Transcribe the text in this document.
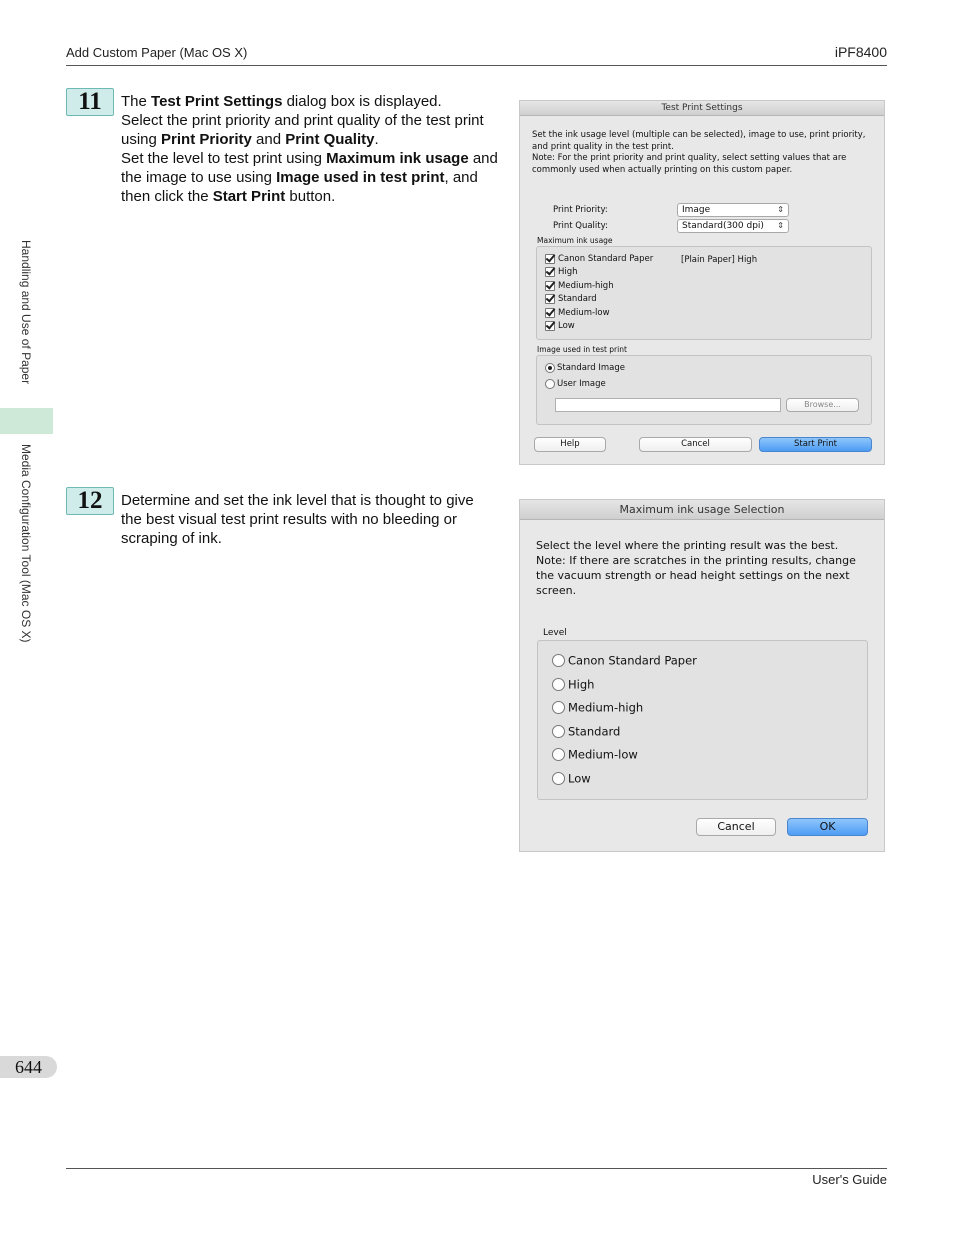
Add Custom Paper (Mac OS X)	iPF8400
Handling and Use of Paper
Media Configuration Tool (Mac OS X)
11	The Test Print Settings dialog box is displayed.
Select the print priority and print quality of the test print using Print Priority and Print Quality.
Set the level to test print using Maximum ink usage and the image to use using Image used in test print, and then click the Start Print button.
Test Print Settings
Set the ink usage level (multiple can be selected), image to use, print priority, and print quality in the test print.
Note: For the print priority and print quality, select setting values that are commonly used when actually printing on this custom paper.
Print Priority:	Image	⇕
Print Quality:	Standard(300 dpi) ⇕
Maximum ink usage
Canon Standard Paper
High
Medium-high
Standard
Medium-low
Low
[Plain Paper] High
Image used in test print
Standard Image
User Image
Browse...
Help	Cancel	Start Print
12	Determine and set the ink level that is thought to give the best visual test print results with no bleeding or scraping of ink.
Maximum ink usage Selection
Select the level where the printing result was the best.
Note: If there are scratches in the printing results, change the vacuum strength or head height settings on the next screen.
Level
Canon Standard Paper
High
Medium-high
Standard
Medium-low
Low
Cancel	OK
644
User's Guide
